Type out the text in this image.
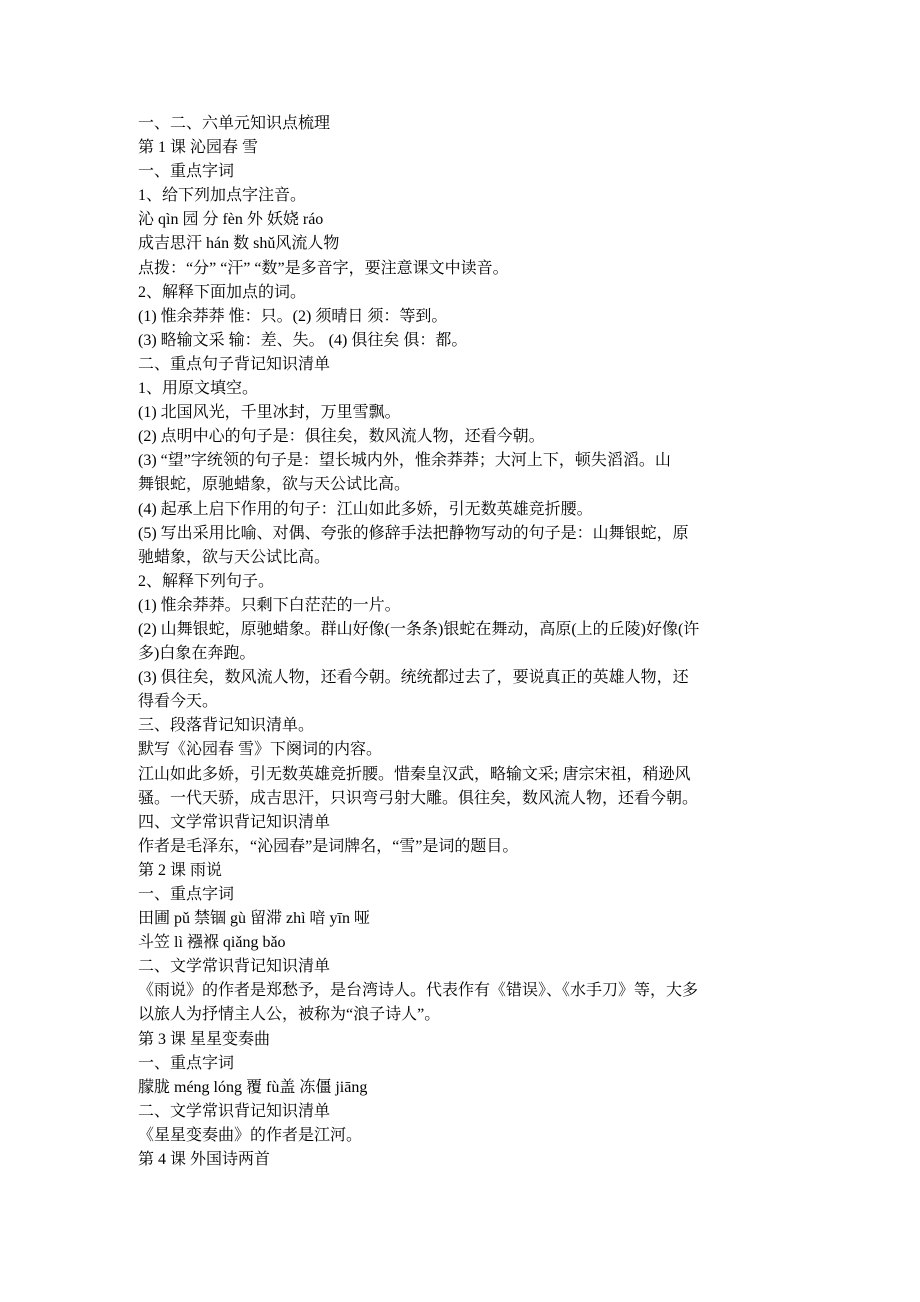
一、二、六单元知识点梳理
第 1 课 沁园春 雪
一、重点字词
1、给下列加点字注音。
沁 qìn 园 分 fèn 外 妖娆 ráo
成吉思汗 hán 数 shǔ风流人物
点拨：“分” “汗” “数”是多音字，要注意课文中读音。
2、解释下面加点的词。
(1) 惟余莽莽 惟：只。(2) 须晴日 须：等到。
(3) 略输文采 输：差、失。 (4) 俱往矣 俱：都。
二、重点句子背记知识清单
1、用原文填空。
(1) 北国风光，千里冰封，万里雪飘。
(2) 点明中心的句子是：俱往矣，数风流人物，还看今朝。
(3) “望”字统领的句子是：望长城内外，惟余莽莽；大河上下，顿失滔滔。山
舞银蛇，原驰蜡象，欲与天公试比高。
(4) 起承上启下作用的句子：江山如此多娇，引无数英雄竞折腰。
(5) 写出采用比喻、对偶、夸张的修辞手法把静物写动的句子是：山舞银蛇，原
驰蜡象，欲与天公试比高。
2、解释下列句子。
(1) 惟余莽莽。只剩下白茫茫的一片。
(2) 山舞银蛇，原驰蜡象。群山好像(一条条)银蛇在舞动，高原(上的丘陵)好像(许
多)白象在奔跑。
(3) 俱往矣，数风流人物，还看今朝。统统都过去了，要说真正的英雄人物，还
得看今天。
三、段落背记知识清单。
默写《沁园春 雪》下阕词的内容。
江山如此多娇，引无数英雄竞折腰。惜秦皇汉武，略输文采; 唐宗宋祖，稍逊风
骚。一代天骄，成吉思汗，只识弯弓射大雕。俱往矣，数风流人物，还看今朝。
四、文学常识背记知识清单
作者是毛泽东，“沁园春”是词牌名，“雪”是词的题目。
第 2 课 雨说
一、重点字词
田圃 pǔ 禁锢 gù 留滞 zhì 喑 yīn 哑
斗笠 lì 襁褓 qiǎng bǎo
二、文学常识背记知识清单
《雨说》的作者是郑愁予，是台湾诗人。代表作有《错误》、《水手刀》等，大多
以旅人为抒情主人公，被称为“浪子诗人”。
第 3 课 星星变奏曲
一、重点字词
朦胧 méng lóng 覆 fù盖 冻僵 jiāng
二、文学常识背记知识清单
《星星变奏曲》的作者是江河。
第 4 课 外国诗两首
